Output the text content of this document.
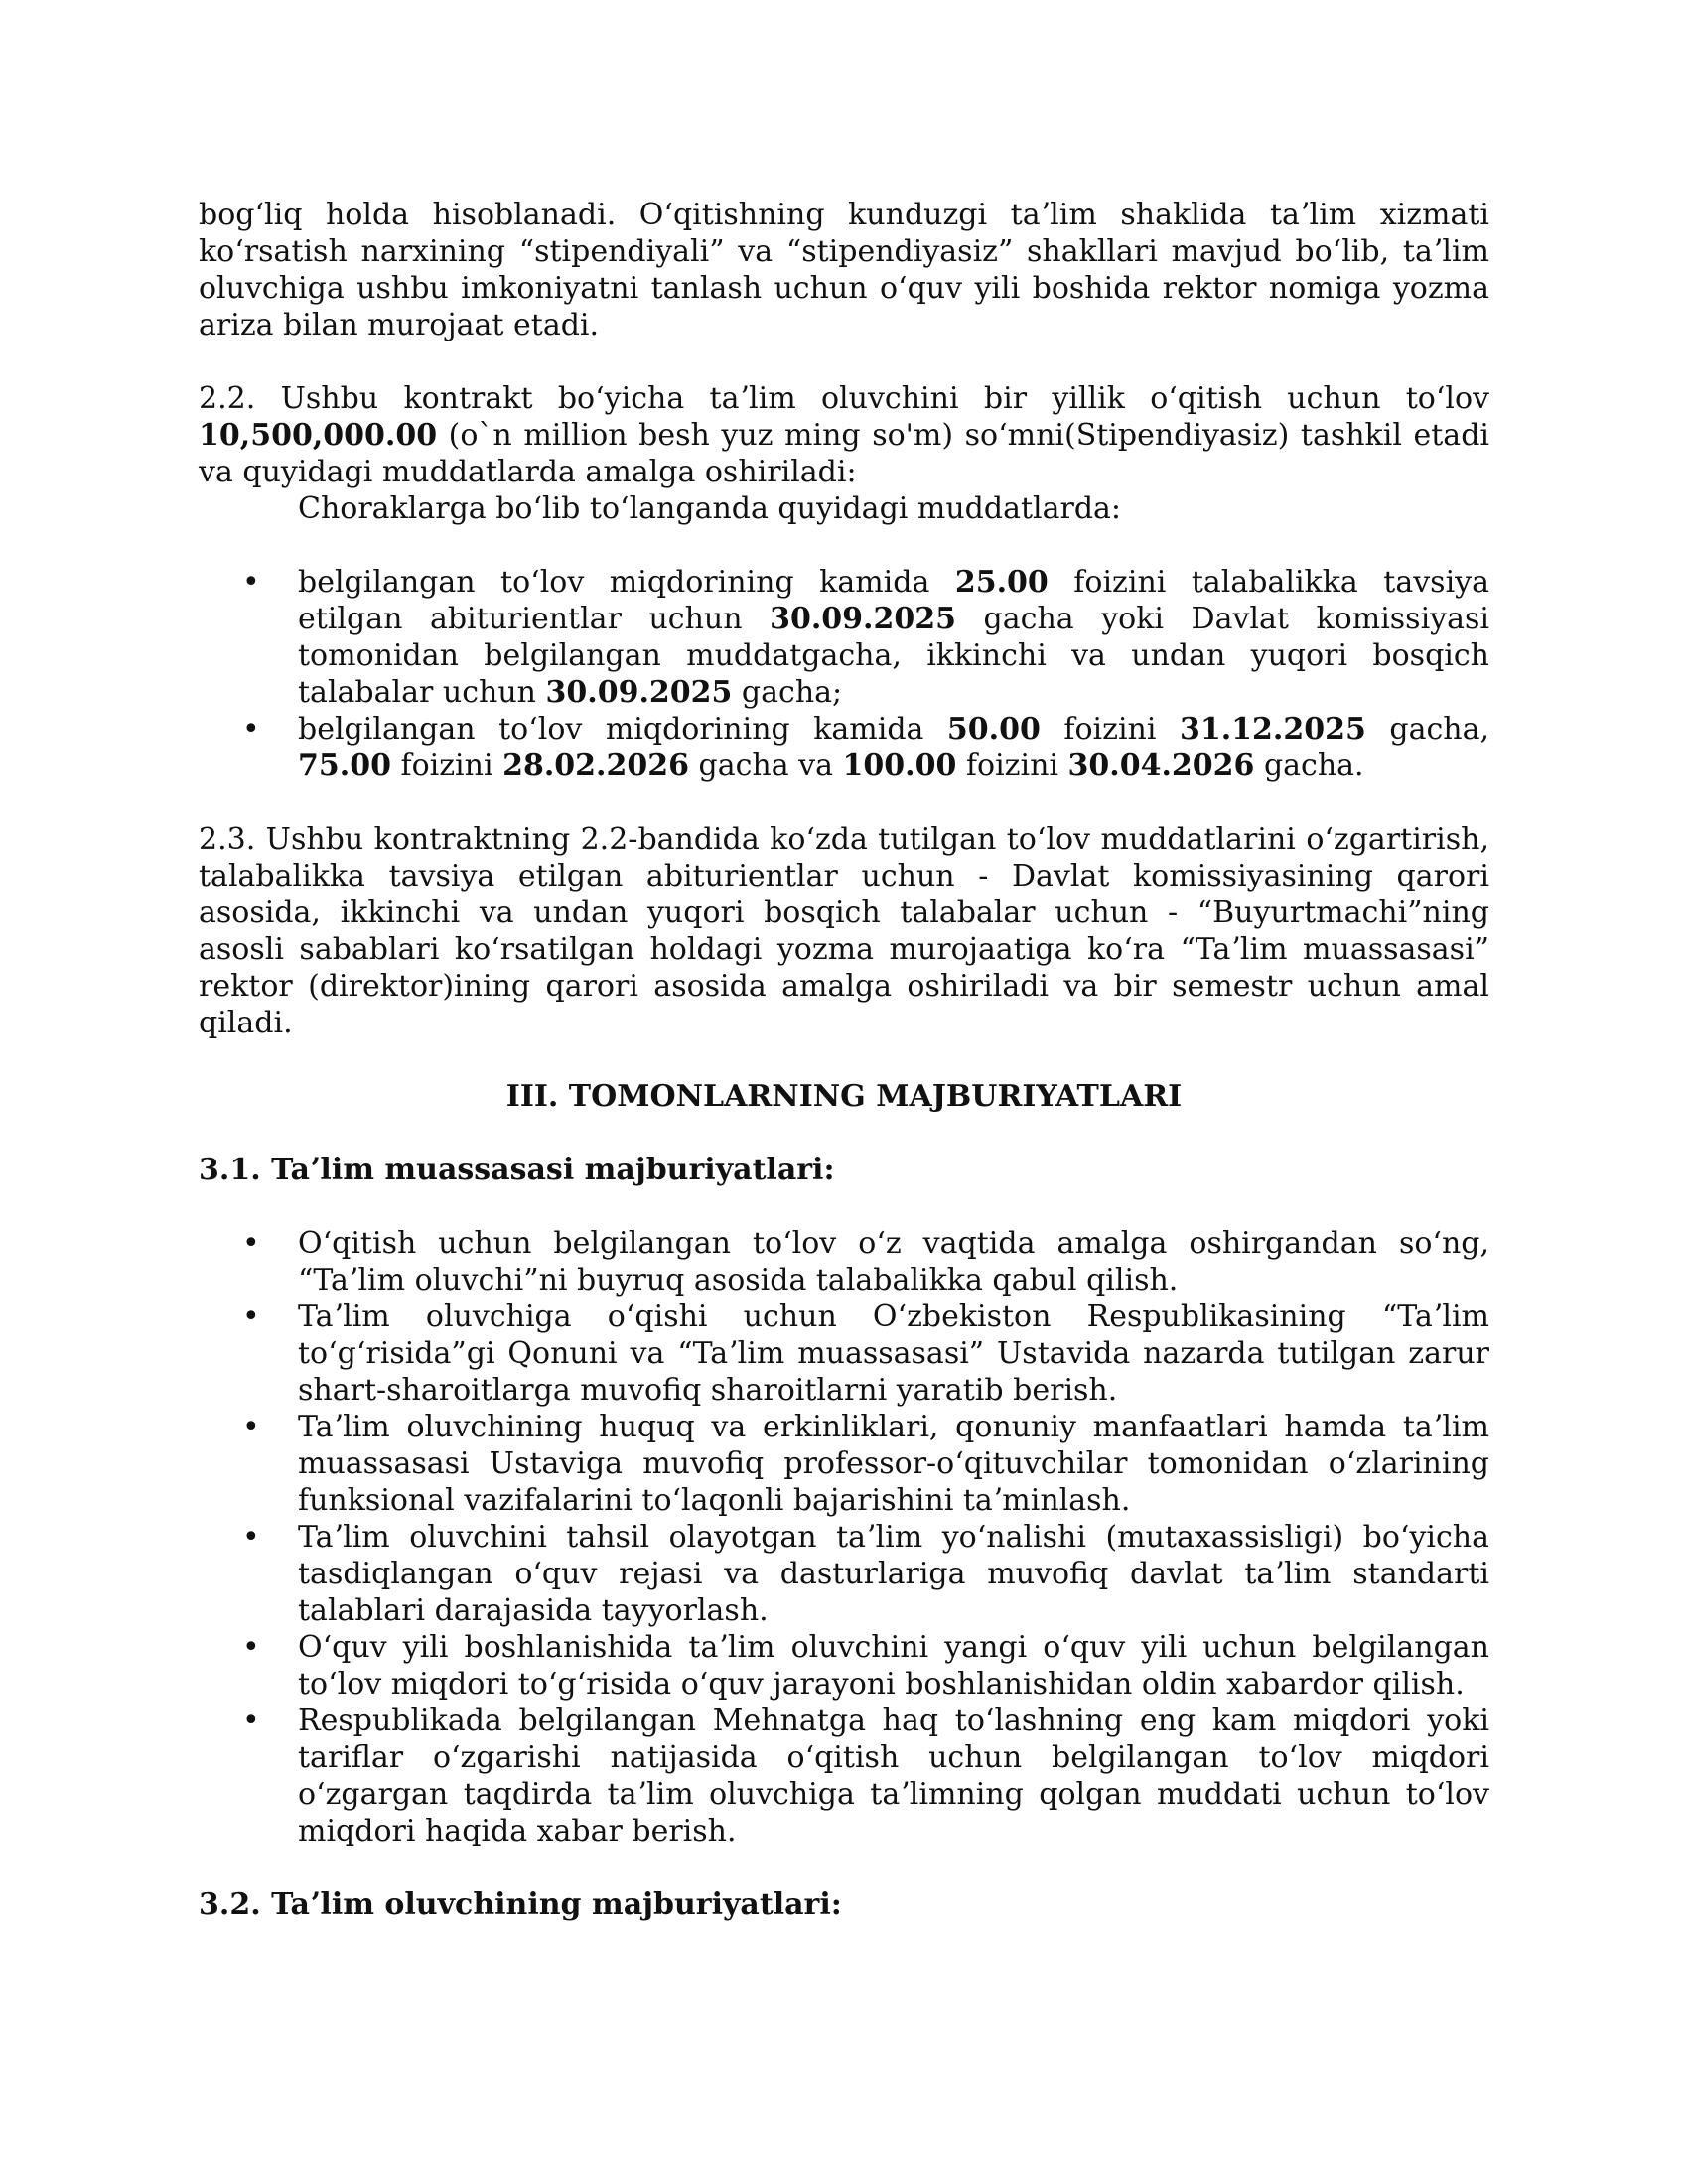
bogʻliq holda hisoblanadi. Oʻqitishning kunduzgi taʼlim shaklida taʼlim xizmati koʻrsatish narxining “stipendiyali” va “stipendiyasiz” shakllari mavjud boʻlib, taʼlim oluvchiga ushbu imkoniyatni tanlash uchun oʻquv yili boshida rektor nomiga yozma ariza bilan murojaat etadi.

2.2. Ushbu kontrakt boʻyicha taʼlim oluvchini bir yillik oʻqitish uchun toʻlov 10,500,000.00 (o`n million besh yuz ming so'm) soʻmni(Stipendiyasiz) tashkil etadi va quyidagi muddatlarda amalga oshiriladi:

Choraklarga boʻlib toʻlanganda quyidagi muddatlarda:

• belgilangan toʻlov miqdorining kamida 25.00 foizini talabalikka tavsiya etilgan abiturientlar uchun 30.09.2025 gacha yoki Davlat komissiyasi tomonidan belgilangan muddatgacha, ikkinchi va undan yuqori bosqich talabalar uchun 30.09.2025 gacha;
• belgilangan toʻlov miqdorining kamida 50.00 foizini 31.12.2025 gacha, 75.00 foizini 28.02.2026 gacha va 100.00 foizini 30.04.2026 gacha.

2.3. Ushbu kontraktning 2.2-bandida koʻzda tutilgan toʻlov muddatlarini oʻzgartirish, talabalikka tavsiya etilgan abiturientlar uchun - Davlat komissiyasining qarori asosida, ikkinchi va undan yuqori bosqich talabalar uchun - “Buyurtmachi”ning asosli sabablari koʻrsatilgan holdagi yozma murojaatiga koʻra “Taʼlim muassasasi” rektor (direktor)ining qarori asosida amalga oshiriladi va bir semestr uchun amal qiladi.

III. TOMONLARNING MAJBURIYATLARI

3.1. Taʼlim muassasasi majburiyatlari:

• Oʻqitish uchun belgilangan toʻlov oʻz vaqtida amalga oshirgandan soʻng, “Taʼlim oluvchi”ni buyruq asosida talabalikka qabul qilish.
• Taʼlim oluvchiga oʻqishi uchun Oʻzbekiston Respublikasining “Taʼlim toʻgʻrisida”gi Qonuni va “Taʼlim muassasasi” Ustavida nazarda tutilgan zarur shart-sharoitlarga muvofiq sharoitlarni yaratib berish.
• Taʼlim oluvchining huquq va erkinliklari, qonuniy manfaatlari hamda taʼlim muassasasi Ustaviga muvofiq professor-oʻqituvchilar tomonidan oʻzlarining funksional vazifalarini toʻlaqonli bajarishini taʼminlash.
• Taʼlim oluvchini tahsil olayotgan taʼlim yoʻnalishi (mutaxassisligi) boʻyicha tasdiqlangan oʻquv rejasi va dasturlariga muvofiq davlat taʼlim standarti talablari darajasida tayyorlash.
• Oʻquv yili boshlanishida taʼlim oluvchini yangi oʻquv yili uchun belgilangan toʻlov miqdori toʻgʻrisida oʻquv jarayoni boshlanishidan oldin xabardor qilish.
• Respublikada belgilangan Mehnatga haq toʻlashning eng kam miqdori yoki tariflar oʻzgarishi natijasida oʻqitish uchun belgilangan toʻlov miqdori oʻzgargan taqdirda taʼlim oluvchiga taʼlimning qolgan muddati uchun toʻlov miqdori haqida xabar berish.

3.2. Taʼlim oluvchining majburiyatlari:
